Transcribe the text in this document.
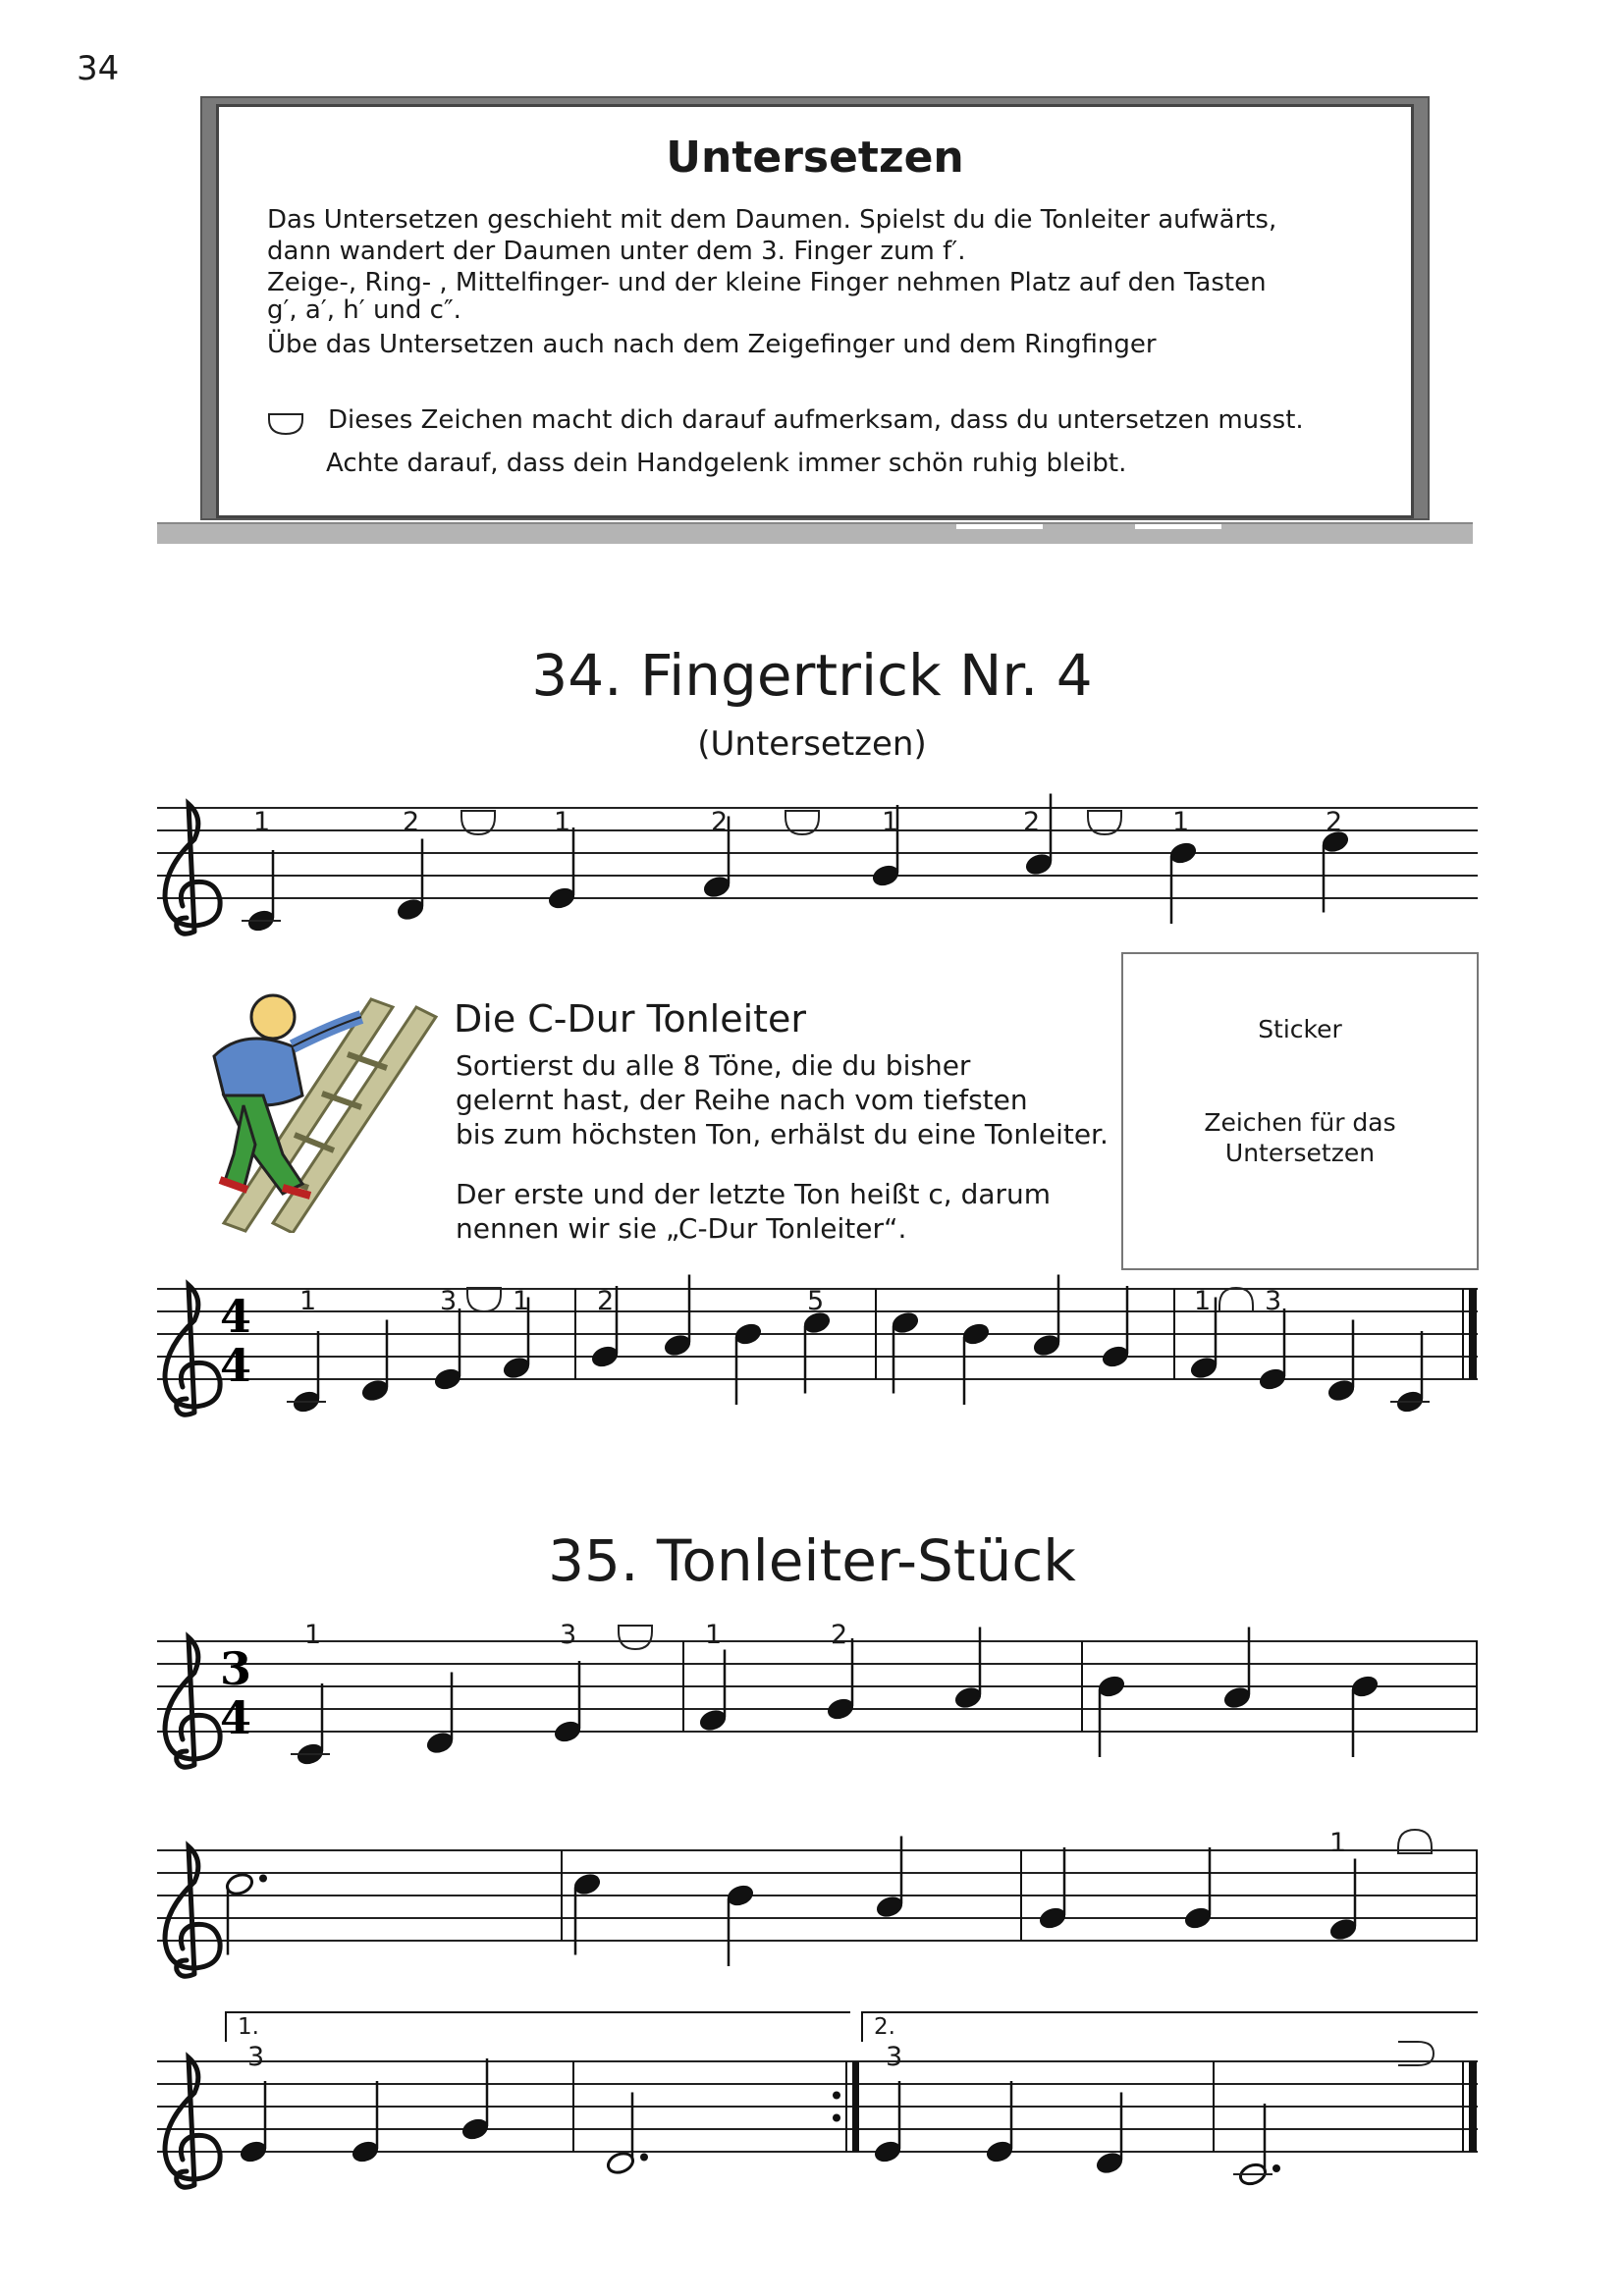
34
Untersetzen
Das Untersetzen geschieht mit dem Daumen. Spielst du die Tonleiter aufwärts,
dann wandert der Daumen unter dem 3. Finger zum f′.
Zeige-, Ring- , Mittelfinger- und der kleine Finger nehmen Platz auf den Tasten
g′, a′, h′ und c″.
Übe das Untersetzen auch nach dem Zeigefinger und dem Ringfinger
Dieses Zeichen macht dich darauf aufmerksam, dass du untersetzen musst.
Achte darauf, dass dein Handgelenk immer schön ruhig bleibt.
34. Fingertrick Nr. 4
(Untersetzen)
1	2	1	2	1	2	1	2
Die C-Dur Tonleiter
Sortierst du alle 8 Töne, die du bisher
gelernt hast, der Reihe nach vom tiefsten
bis zum höchsten Ton, erhälst du eine Tonleiter.
Der erste und der letzte Ton heißt c, darum
nennen wir sie „C-Dur Tonleiter“.
Sticker
Zeichen für das
Untersetzen
4
4
1	3 1	2	5	1 3
35. Tonleiter-Stück
3
4
1	3	1	2
1
3	3
1.	2.
